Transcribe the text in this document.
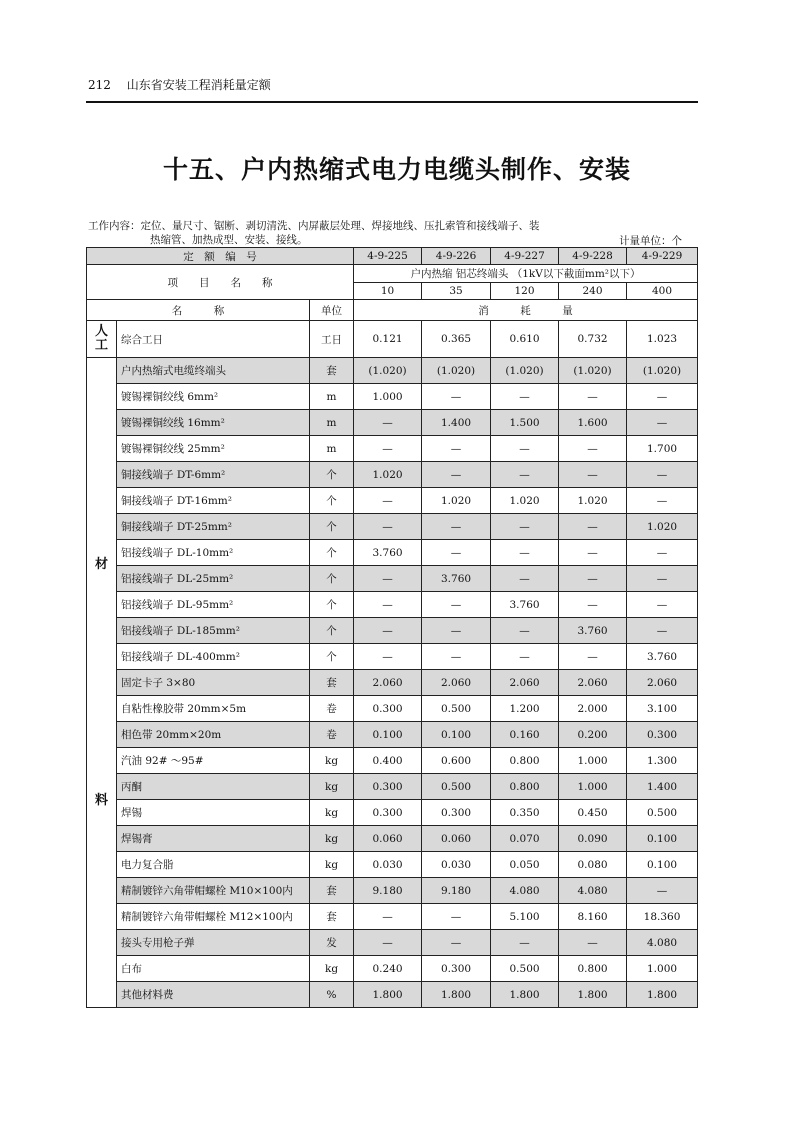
212 山东省安装工程消耗量定额
十五、户内热缩式电力电缆头制作、安装
工作内容：定位、量尺寸、锯断、剥切清洗、内屏蔽层处理、焊接地线、压扎索管和接线端子、装
热缩管、加热成型、安装、接线。	计量单位：个
定　额　编　号			4-9-225	4-9-226	4-9-227	4-9-228	4-9-229
项　　目　　名　　称			户内热缩 铝芯终端头 （1kV以下截面mm²以下）				
			10	35	120	240	400
名　　　称		单位	消　　　耗　　　量				
人
工	综合工日	工日	0.121	0.365	0.610	0.732	1.023

材
料	户内热缩式电缆终端头	套	(1.020)	(1.020)	(1.020)	(1.020)	(1.020)
	镀锡裸铜绞线 6mm²	m	1.000	—	—	—	—
	镀锡裸铜绞线 16mm²	m	—	1.400	1.500	1.600	—
	镀锡裸铜绞线 25mm²	m	—	—	—	—	1.700
	铜接线端子 DT-6mm²	个	1.020	—	—	—	—
	铜接线端子 DT-16mm²	个	—	1.020	1.020	1.020	—
	铜接线端子 DT-25mm²	个	—	—	—	—	1.020
	铝接线端子 DL-10mm²	个	3.760	—	—	—	—
	铝接线端子 DL-25mm²	个	—	3.760	—	—	—
	铝接线端子 DL-95mm²	个	—	—	3.760	—	—
	铝接线端子 DL-185mm²	个	—	—	—	3.760	—
	铝接线端子 DL-400mm²	个	—	—	—	—	3.760
	固定卡子 3×80	套	2.060	2.060	2.060	2.060	2.060
	自粘性橡胶带 20mm×5m	卷	0.300	0.500	1.200	2.000	3.100
	相色带 20mm×20m	卷	0.100	0.100	0.160	0.200	0.300
	汽油 92# ～95#	kg	0.400	0.600	0.800	1.000	1.300
	丙酮	kg	0.300	0.500	0.800	1.000	1.400
	焊锡	kg	0.300	0.300	0.350	0.450	0.500
	焊锡膏	kg	0.060	0.060	0.070	0.090	0.100
	电力复合脂	kg	0.030	0.030	0.050	0.080	0.100
	精制镀锌六角带帽螺栓 M10×100内	套	9.180	9.180	4.080	4.080	—
	精制镀锌六角带帽螺栓 M12×100内	套	—	—	5.100	8.160	18.360
	接头专用枪子弹	发	—	—	—	—	4.080
	白布	kg	0.240	0.300	0.500	0.800	1.000
	其他材料费	%	1.800	1.800	1.800	1.800	1.800
